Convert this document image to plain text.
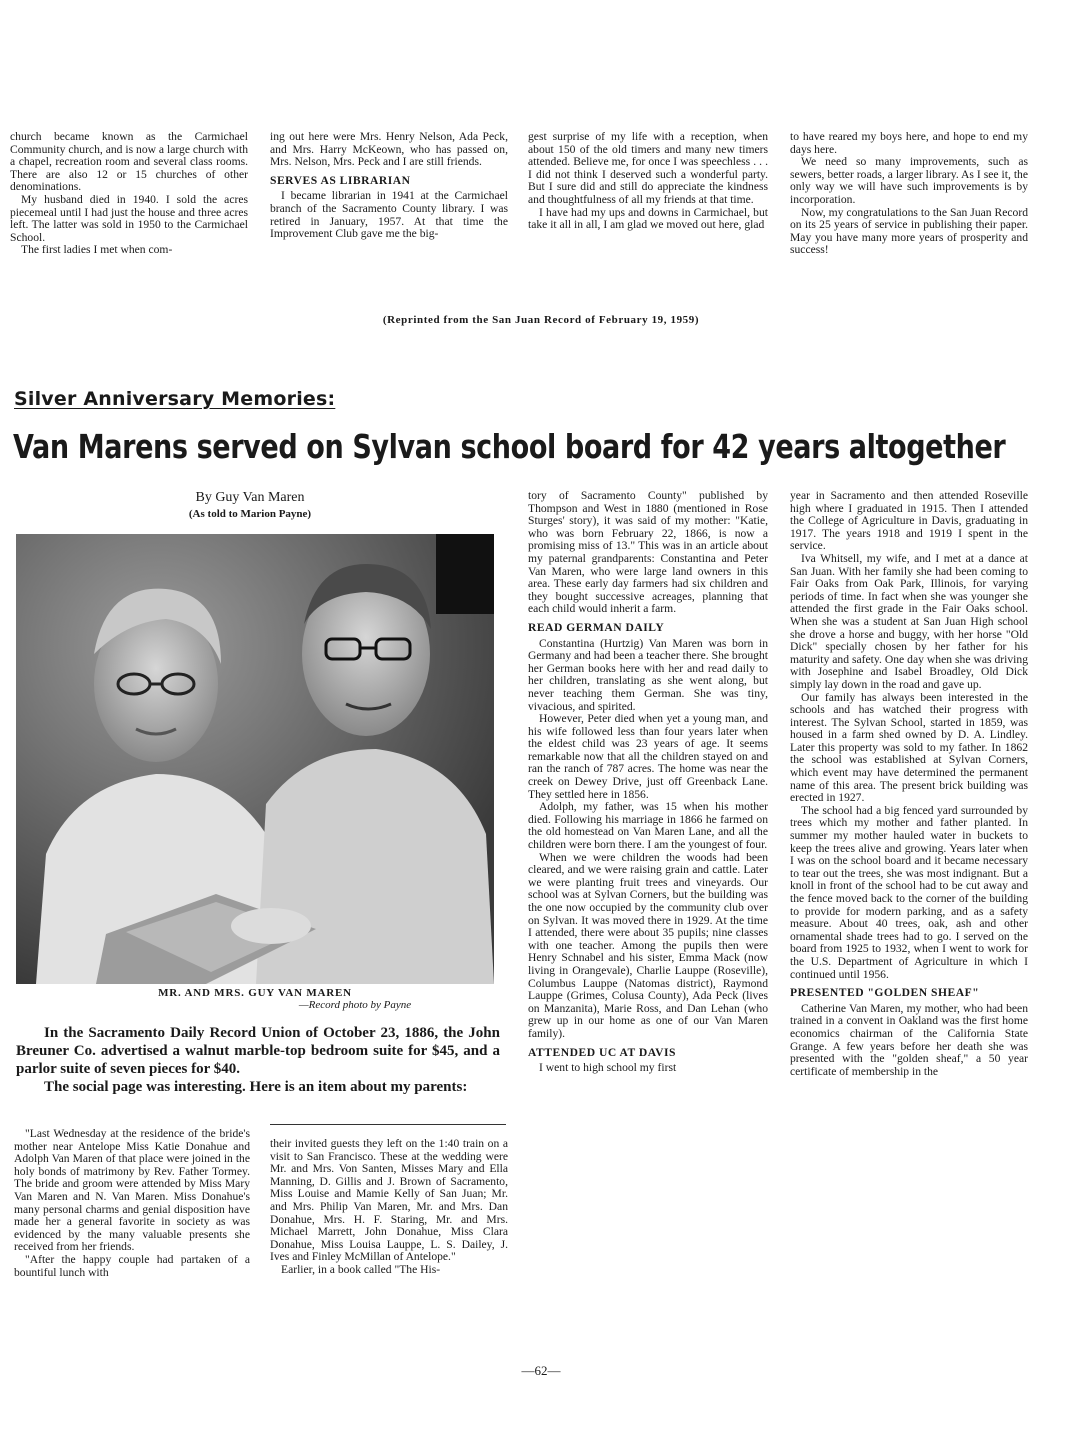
church became known as the Carmichael Community church, and is now a large church with a chapel, recreation room and several class rooms. There are also 12 or 15 churches of other denominations.

My husband died in 1940. I sold the acres piecemeal until I had just the house and three acres left. The latter was sold in 1950 to the Carmichael School.

The first ladies I met when com-

ing out here were Mrs. Henry Nelson, Ada Peck, and Mrs. Harry McKeown, who has passed on, Mrs. Nelson, Mrs. Peck and I are still friends.

SERVES AS LIBRARIAN

I became librarian in 1941 at the Carmichael branch of the Sacramento County library. I was retired in January, 1957. At that time the Improvement Club gave me the big-

gest surprise of my life with a reception, when about 150 of the old timers and many new timers attended. Believe me, for once I was speechless . . . I did not think I deserved such a wonderful party. But I sure did and still do appreciate the kindness and thoughtfulness of all my friends at that time.

I have had my ups and downs in Carmichael, but take it all in all, I am glad we moved out here, glad

to have reared my boys here, and hope to end my days here.

We need so many improvements, such as sewers, better roads, a larger library. As I see it, the only way we will have such improvements is by incorporation.

Now, my congratulations to the San Juan Record on its 25 years of service in publishing their paper. May you have many more years of prosperity and success!

(Reprinted from the San Juan Record of February 19, 1959)
Silver Anniversary Memories:
Van Marens served on Sylvan school board for 42 years altogether
By Guy Van Maren
(As told to Marion Payne)
MR. AND MRS. GUY VAN MAREN
—Record photo by Payne

In the Sacramento Daily Record Union of October 23, 1886, the John Breuner Co. advertised a walnut marble-top bedroom suite for $45, and a parlor suite of seven pieces for $40.

The social page was interesting. Here is an item about my parents:

"Last Wednesday at the residence of the bride's mother near Antelope Miss Katie Donahue and Adolph Van Maren of that place were joined in the holy bonds of matrimony by Rev. Father Tormey. The bride and groom were attended by Miss Mary Van Maren and N. Van Maren. Miss Donahue's many personal charms and genial disposition have made her a general favorite in society as was evidenced by the many valuable presents she received from her friends.

"After the happy couple had partaken of a bountiful lunch with

their invited guests they left on the 1:40 train on a visit to San Francisco. These at the wedding were Mr. and Mrs. Von Santen, Misses Mary and Ella Manning, D. Gillis and J. Brown of Sacramento, Miss Louise and Mamie Kelly of San Juan; Mr. and Mrs. Philip Van Maren, Mr. and Mrs. Dan Donahue, Mrs. H. F. Staring, Mr. and Mrs. Michael Marrett, John Donahue, Miss Clara Donahue, Miss Louisa Lauppe, L. S. Dailey, J. Ives and Finley McMillan of Antelope."

Earlier, in a book called "The His-

tory of Sacramento County" published by Thompson and West in 1880 (mentioned in Rose Sturges' story), it was said of my mother: "Katie, who was born February 22, 1866, is now a promising miss of 13." This was in an article about my paternal grandparents: Constantina and Peter Van Maren, who were large land owners in this area. These early day farmers had six children and they bought successive acreages, planning that each child would inherit a farm.

READ GERMAN DAILY

Constantina (Hurtzig) Van Maren was born in Germany and had been a teacher there. She brought her German books here with her and read daily to her children, translating as she went along, but never teaching them German. She was tiny, vivacious, and spirited.

However, Peter died when yet a young man, and his wife followed less than four years later when the eldest child was 23 years of age. It seems remarkable now that all the children stayed on and ran the ranch of 787 acres. The home was near the creek on Dewey Drive, just off Greenback Lane. They settled here in 1856.

Adolph, my father, was 15 when his mother died. Following his marriage in 1866 he farmed on the old homestead on Van Maren Lane, and all the children were born there. I am the youngest of four.

When we were children the woods had been cleared, and we were raising grain and cattle. Later we were planting fruit trees and vineyards. Our school was at Sylvan Corners, but the building was the one now occupied by the community club over on Sylvan. It was moved there in 1929. At the time I attended, there were about 35 pupils; nine classes with one teacher. Among the pupils then were Henry Schnabel and his sister, Emma Mack (now living in Orangevale), Charlie Lauppe (Roseville), Columbus Lauppe (Natomas district), Raymond Lauppe (Grimes, Colusa County), Ada Peck (lives on Manzanita), Marie Ross, and Dan Lehan (who grew up in our home as one of our Van Maren family).

ATTENDED UC AT DAVIS

I went to high school my first

year in Sacramento and then attended Roseville high where I graduated in 1915. Then I attended the College of Agriculture in Davis, graduating in 1917. The years 1918 and 1919 I spent in the service.

Iva Whitsell, my wife, and I met at a dance at San Juan. With her family she had been coming to Fair Oaks from Oak Park, Illinois, for varying periods of time. In fact when she was younger she attended the first grade in the Fair Oaks school. When she was a student at San Juan High school she drove a horse and buggy, with her horse "Old Dick" specially chosen by her father for his maturity and safety. One day when she was driving with Josephine and Isabel Broadley, Old Dick simply lay down in the road and gave up.

Our family has always been interested in the schools and has watched their progress with interest. The Sylvan School, started in 1859, was housed in a farm shed owned by D. A. Lindley. Later this property was sold to my father. In 1862 the school was established at Sylvan Corners, which event may have determined the permanent name of this area. The present brick building was erected in 1927.

The school had a big fenced yard surrounded by trees which my mother and father planted. In summer my mother hauled water in buckets to keep the trees alive and growing. Years later when I was on the school board and it became necessary to tear out the trees, she was most indignant. But a knoll in front of the school had to be cut away and the fence moved back to the corner of the building to provide for modern parking, and as a safety measure. About 40 trees, oak, ash and other ornamental shade trees had to go. I served on the board from 1925 to 1932, when I went to work for the U.S. Department of Agriculture in which I continued until 1956.

PRESENTED "GOLDEN SHEAF"

Catherine Van Maren, my mother, who had been trained in a convent in Oakland was the first home economics chairman of the California State Grange. A few years before her death she was presented with the "golden sheaf," a 50 year certificate of membership in the

—62—
